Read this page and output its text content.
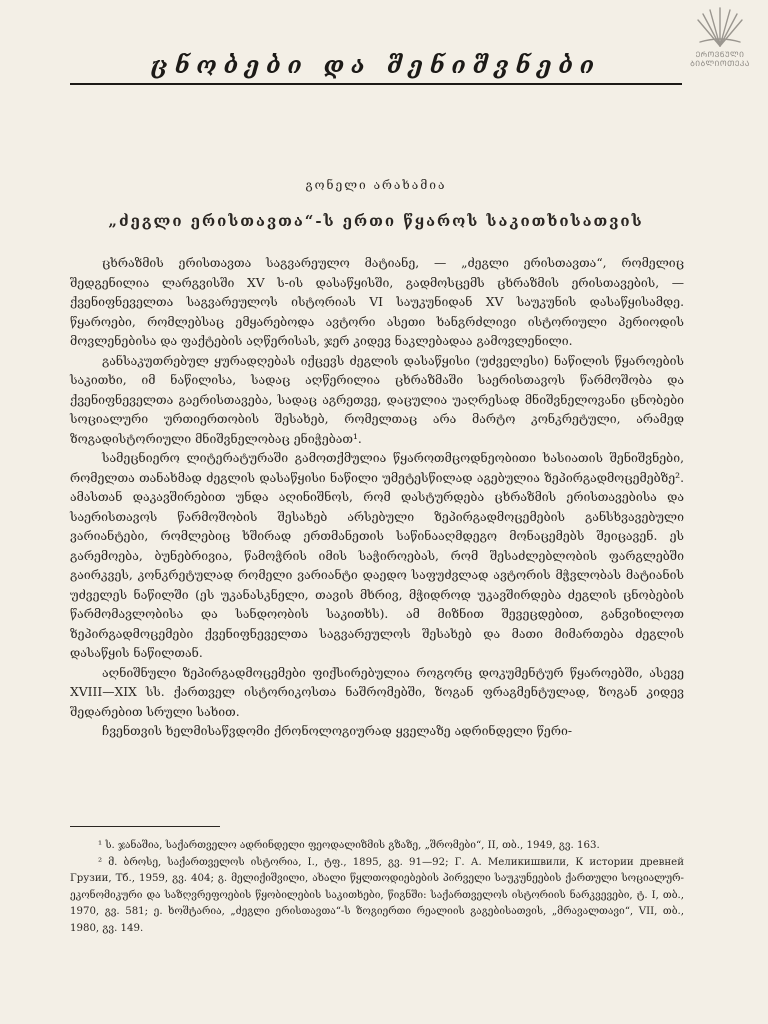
ᲔᲠᲝᲕᲜᲣᲚᲘ ᲑᲘᲑᲚᲘᲝᲗᲔᲙᲐ
ცნობები და შენიშვნები
გონელი არახამია
„ძეგლი ერისთავთა“-ს ერთი წყაროს საკითხისათვის

ცხრაზმის ერისთავთა საგვარეულო მატიანე, — „ძეგლი ერისთავთა“, რომელიც შედგენილია ლარგვისში XV ს-ის დასაწყისში, გადმოსცემს ცხრაზმის ერისთავების, — ქვენიფნეველთა საგვარეულოს ისტორიას VI საუკუნიდან XV საუკუნის დასაწყისამდე. წყაროები, რომლებსაც ემყარებოდა ავტორი ასეთი ხანგრძლივი ისტორიული პერიოდის მოვლენებისა და ფაქტების აღწერისას, ჯერ კიდევ ნაკლებადაა გამოვლენილი.

განსაკუთრებულ ყურადღებას იქცევს ძეგლის დასაწყისი (უძველესი) ნაწილის წყაროების საკითხი, იმ ნაწილისა, სადაც აღწერილია ცხრაზმაში საერისთავოს წარმოშობა და ქვენიფნეველთა გაერისთავება, სადაც აგრეთვე, დაცულია უაღრესად მნიშვნელოვანი ცნობები სოციალური ურთიერთობის შესახებ, რომელთაც არა მარტო კონკრეტული, არამედ ზოგადისტორიული მნიშვნელობაც ენიჭებათ¹.

სამეცნიერო ლიტერატურაში გამოთქმულია წყაროთმცოდნეობითი ხასიათის შენიშვნები, რომელთა თანახმად ძეგლის დასაწყისი ნაწილი უმეტესწილად აგებულია ზეპირგადმოცემებზე². ამასთან დაკავშირებით უნდა აღინიშნოს, რომ დასტურდება ცხრაზმის ერისთავებისა და საერისთავოს წარმოშობის შესახებ არსებული ზეპირგადმოცემების განსხვავებული ვარიანტები, რომლებიც ხშირად ერთმანეთის საწინააღმდეგო მონაცემებს შეიცავენ. ეს გარემოება, ბუნებრივია, წამოჭრის იმის საჭიროებას, რომ შესაძლებლობის ფარგლებში გაირკვეს, კონკრეტულად რომელი ვარიანტი დაედო საფუძვლად ავტორის მჭვლობას მატიანის უძველეს ნაწილში (ეს უკანასკნელი, თავის მხრივ, მჭიდროდ უკავშირდება ძეგლის ცნობების წარმომავლობისა და სანდოობის საკითხს). ამ მიზნით შევეცდებით, განვიხილოთ ზეპირგადმოცემები ქვენიფნეველთა საგვარეულოს შესახებ და მათი მიმართება ძეგლის დასაწყის ნაწილთან.

აღნიშნული ზეპირგადმოცემები ფიქსირებულია როგორც დოკუმენტურ წყაროებში, ასევე XVIII—XIX სს. ქართველ ისტორიკოსთა ნაშრომებში, ზოგან ფრაგმენტულად, ზოგან კიდევ შედარებით სრული სახით.

ჩვენთვის ხელმისაწვდომი ქრონოლოგიურად ყველაზე ადრინდელი წერი-

¹ ს. ჯანაშია, საქართველო ადრინდელი ფეოდალიზმის გზაზე, „შრომები“, II, თბ., 1949, გვ. 163.

² მ. ბროსე, საქართველოს ისტორია, I., ტფ., 1895, გვ. 91—92; Г. А. Меликишвили, К истории древней Грузии, Тб., 1959, გვ. 404; გ. მელიქიშვილი, ახალი წყლთოდიებების პირველი საუკუნეების ქართული სოციალურ-ეკონომიკური და საზღვრეფოების წყობილების საკითხები, წიგნში: საქართველოს ისტორიის ნარკვევები, ტ. I, თბ., 1970, გვ. 581; ე. ხოშტარია, „ძეგლი ერისთავთა“-ს ზოგიერთი რეალიის გაგებისათვის, „მრავალთავი“, VII, თბ., 1980, გვ. 149.
